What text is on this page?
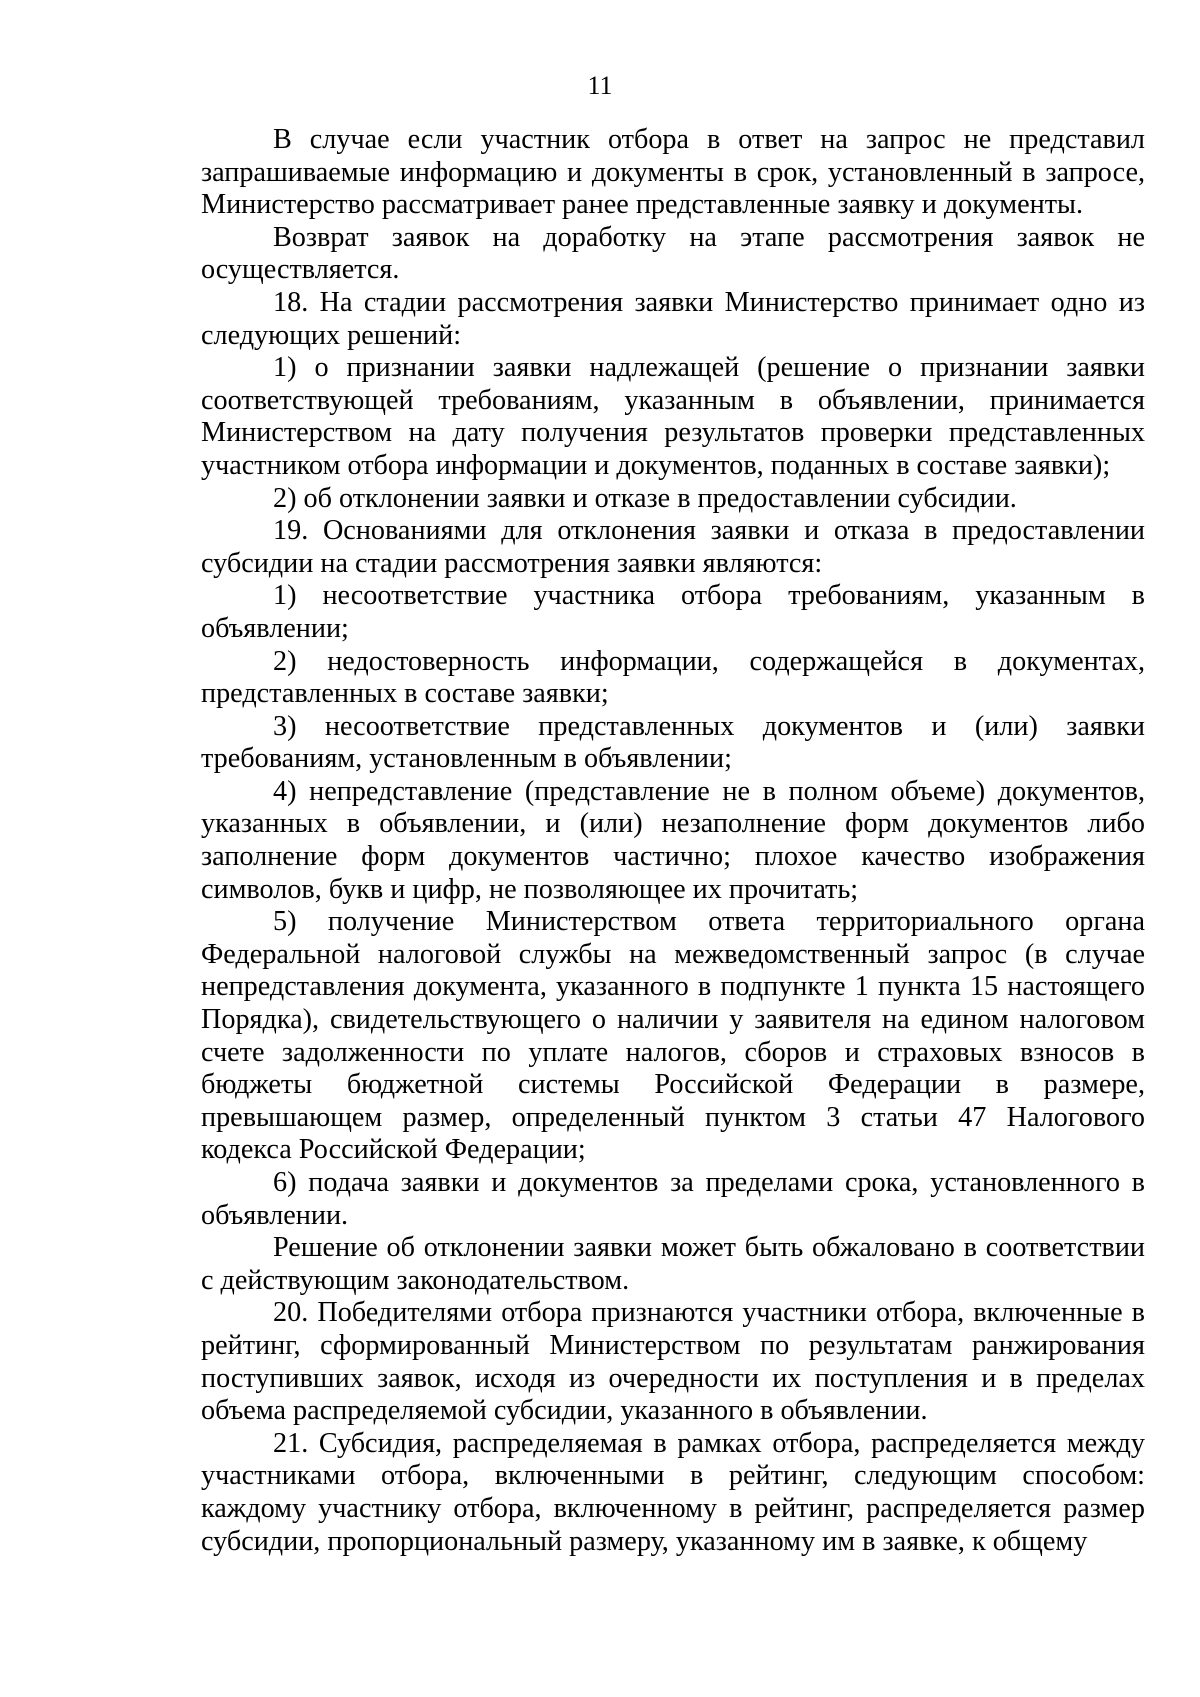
11

В случае если участник отбора в ответ на запрос не представил запрашиваемые информацию и документы в срок, установленный в запросе, Министерство рассматривает ранее представленные заявку и документы.

Возврат заявок на доработку на этапе рассмотрения заявок не осуществляется.

18. На стадии рассмотрения заявки Министерство принимает одно из следующих решений:

1) о признании заявки надлежащей (решение о признании заявки соответствующей требованиям, указанным в объявлении, принимается Министерством на дату получения результатов проверки представленных участником отбора информации и документов, поданных в составе заявки);

2) об отклонении заявки и отказе в предоставлении субсидии.

19. Основаниями для отклонения заявки и отказа в предоставлении субсидии на стадии рассмотрения заявки являются:

1) несоответствие участника отбора требованиям, указанным в объявлении;

2) недостоверность информации, содержащейся в документах, представленных в составе заявки;

3) несоответствие представленных документов и (или) заявки требованиям, установленным в объявлении;

4) непредставление (представление не в полном объеме) документов, указанных в объявлении, и (или) незаполнение форм документов либо заполнение форм документов частично; плохое качество изображения символов, букв и цифр, не позволяющее их прочитать;

5) получение Министерством ответа территориального органа Федеральной налоговой службы на межведомственный запрос (в случае непредставления документа, указанного в подпункте 1 пункта 15 настоящего Порядка), свидетельствующего о наличии у заявителя на едином налоговом счете задолженности по уплате налогов, сборов и страховых взносов в бюджеты бюджетной системы Российской Федерации в размере, превышающем размер, определенный пунктом 3 статьи 47 Налогового кодекса Российской Федерации;

6) подача заявки и документов за пределами срока, установленного в объявлении.

Решение об отклонении заявки может быть обжаловано в соответствии с действующим законодательством.

20. Победителями отбора признаются участники отбора, включенные в рейтинг, сформированный Министерством по результатам ранжирования поступивших заявок, исходя из очередности их поступления и в пределах объема распределяемой субсидии, указанного в объявлении.

21. Субсидия, распределяемая в рамках отбора, распределяется между участниками отбора, включенными в рейтинг, следующим способом: каждому участнику отбора, включенному в рейтинг, распределяется размер субсидии, пропорциональный размеру, указанному им в заявке, к общему
